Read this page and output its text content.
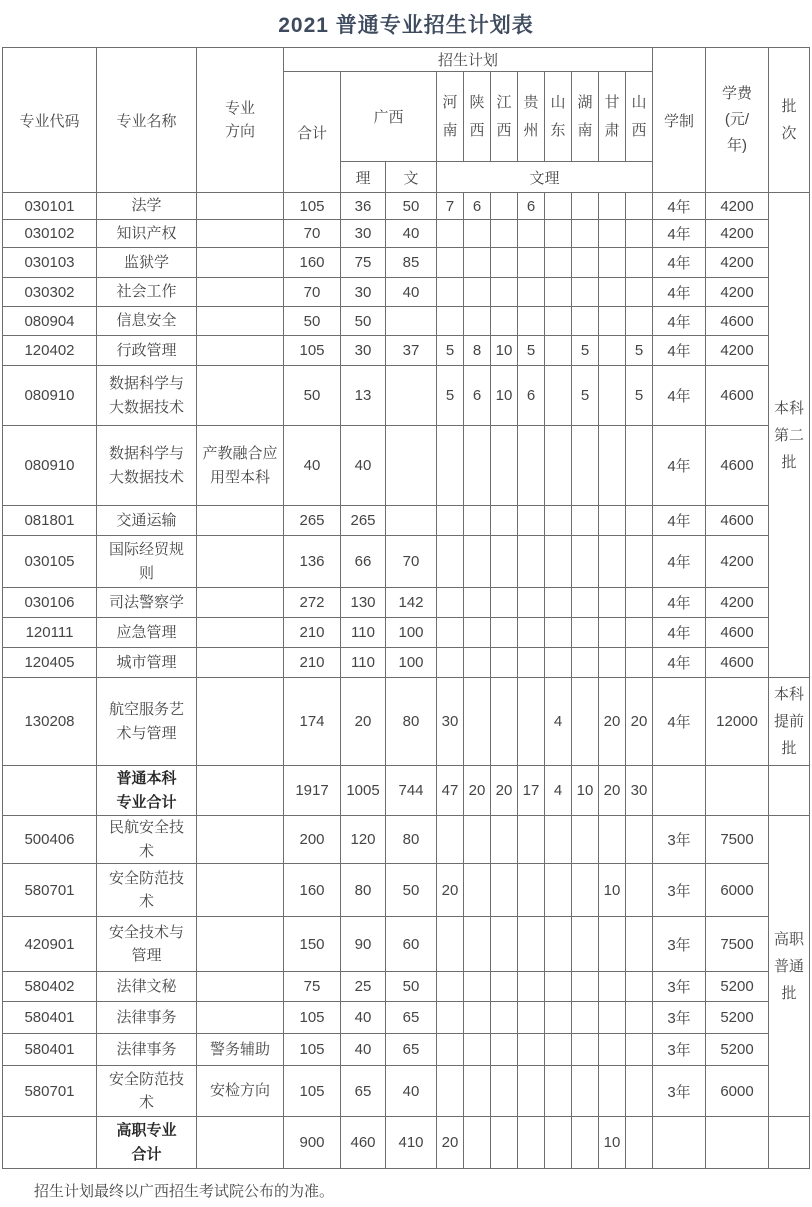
2021 普通专业招生计划表
专业代码	专业名称	专业方向	招生计划											学制	学费(元/年)	批次
			合计	广西		河南	陕西	江西	贵州	山东	湖南	甘肃	山西			
				理	文	文理										
030101	法学		105	36	50	7	6		6					4年	4200	本科第二批
030102	知识产权		70	30	40									4年	4200	
030103	监狱学		160	75	85									4年	4200	
030302	社会工作		70	30	40									4年	4200	
080904	信息安全		50	50										4年	4600	
120402	行政管理		105	30	37	5	8	10	5		5		5	4年	4200	
080910	数据科学与大数据技术		50	13		5	6	10	6		5		5	4年	4600	
080910	数据科学与大数据技术	产教融合应用型本科	40	40										4年	4600	
081801	交通运输		265	265										4年	4600	
030105	国际经贸规则		136	66	70									4年	4200	
030106	司法警察学		272	130	142									4年	4200	
120111	应急管理		210	110	100									4年	4600	
120405	城市管理		210	110	100									4年	4600	
130208	航空服务艺术与管理		174	20	80	30				4		20	20	4年	12000	本科提前批
	普通本科专业合计		1917	1005	744	47	20	20	17	4	10	20	30			
500406	民航安全技术		200	120	80									3年	7500	高职普通批
580701	安全防范技术		160	80	50	20						10		3年	6000	
420901	安全技术与管理		150	90	60									3年	7500	
580402	法律文秘		75	25	50									3年	5200	
580401	法律事务		105	40	65									3年	5200	
580401	法律事务	警务辅助	105	40	65									3年	5200	
580701	安全防范技术	安检方向	105	65	40									3年	6000	
	高职专业合计		900	460	410	20						10				

招生计划最终以广西招生考试院公布的为准。
